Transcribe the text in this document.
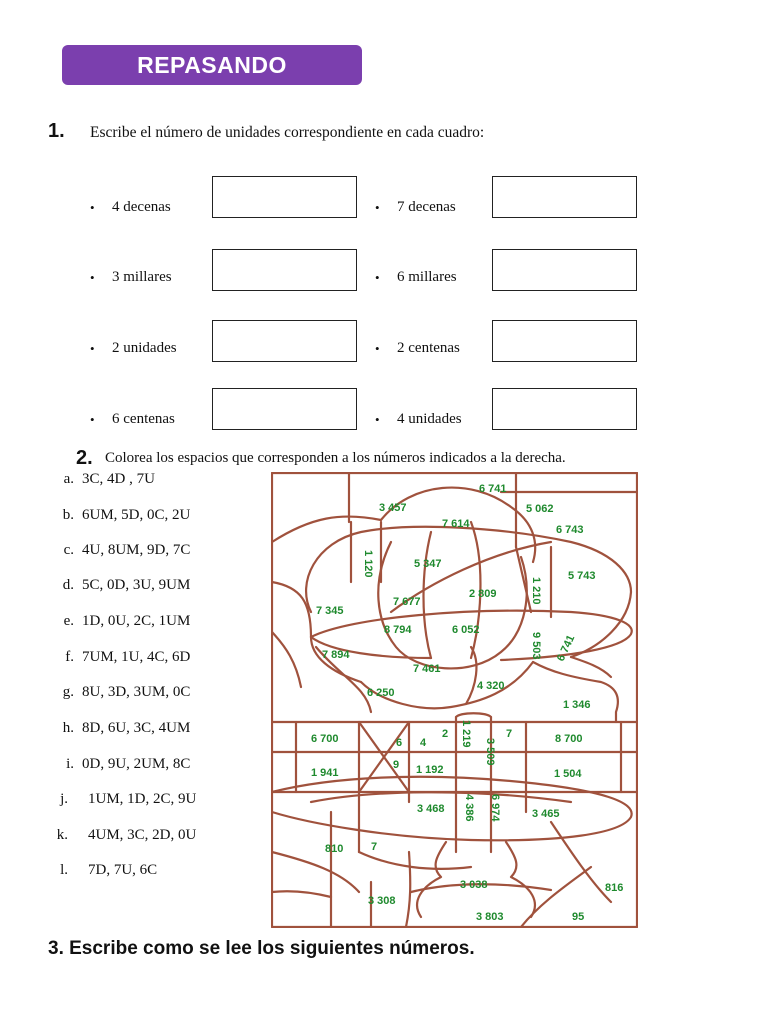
REPASANDO
1. Escribe el número de unidades correspondiente en cada cuadro:
•	4 decenas	•	7 decenas
•	3 millares	•	6 millares
•	2 unidades	•	2 centenas
•	6 centenas	•	4 unidades
2. Colorea los espacios que corresponden a los números indicados a la derecha.
a. 3C, 4D , 7U
b. 6UM, 5D, 0C, 2U
c. 4U, 8UM, 9D, 7C
d. 5C, 0D, 3U, 9UM
e. 1D, 0U, 2C, 1UM
f. 7UM, 1U, 4C, 6D
g. 8U, 3D, 3UM, 0C
h. 8D, 6U, 3C, 4UM
i. 0D, 9U, 2UM, 8C
j.	1UM, 1D, 2C, 9U
k.	4UM, 3C, 2D, 0U
l.	7D, 7U, 6C
6 741
3 457
7 614
5 062
6 743
1 120	5 347
5 743
1 210
2 809
7 677
7 345
8 794	6 052
9 503 6 741
7 894
7 461
4 320
6 250
1 346
6 700	6 4
2 1 219
3 509
7	8 700
1 941
9 1 192	1 504
3 468 4 386 6 974	3 465
810	7
3 038	816
3 308
3 803	95
3. Escribe como se lee los siguientes números.
